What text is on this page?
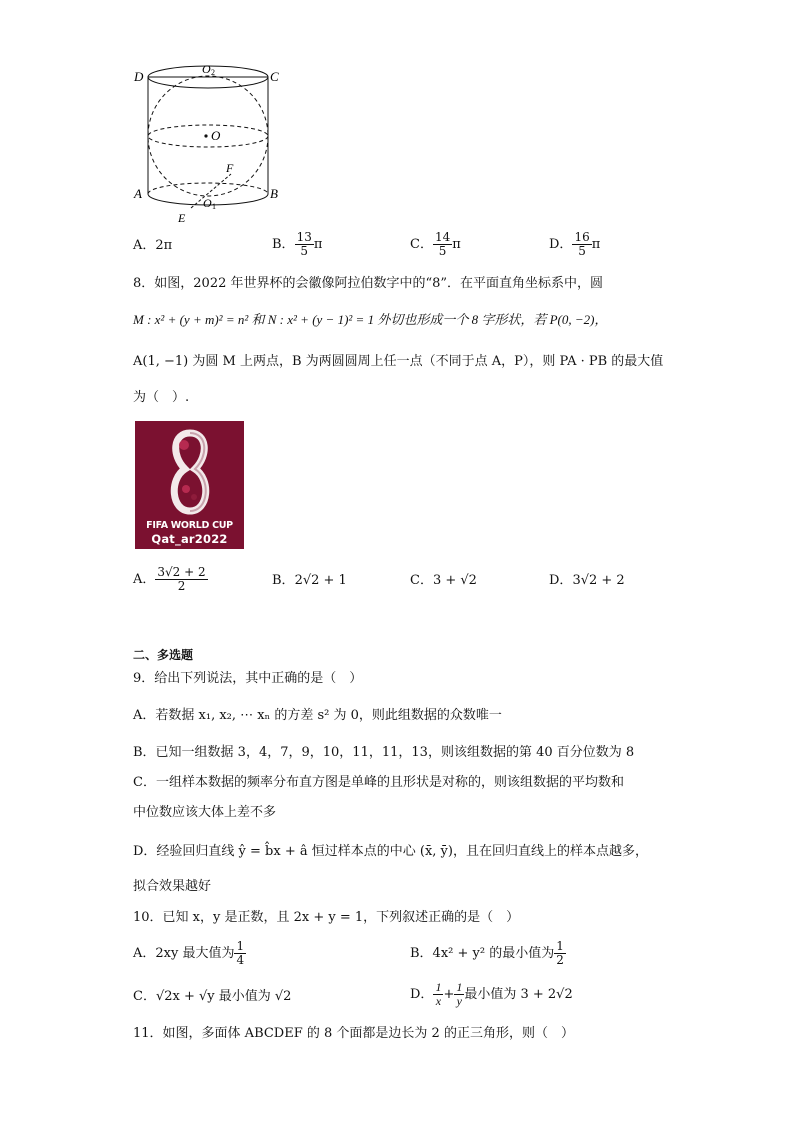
D	C
O 2
O
F
A	B
O 1
E
A．2π	B． $\frac{13}{5}$ π	C． $\frac{14}{5}$ π	D． $\frac{16}{5}$ π
8．如图，2022 年世界杯的会徽像阿拉伯数字中的“8”．在平面直角坐标系中，圆
M : x² + (y + m)² = n² 和 N : x² + (y − 1)² = 1 外切也形成一个 8 字形状，若 P(0, −2)，
A(1, −1) 为圆 M 上两点，B 为两圆圆周上任一点（不同于点 A，P），则 PA · PB 的最大值
为（　）.
FIFA WORLD CUP
Qat_ar2022
A． $\frac{3√2 + 2}{2}$	B．2√2 + 1	C．3 + √2	D．3√2 + 2
二、多选题
9．给出下列说法，其中正确的是（　）
A．若数据 x₁, x₂, ⋯ xₙ 的方差 s² 为 0，则此组数据的众数唯一
B．已知一组数据 3，4，7，9，10，11，11，13，则该组数据的第 40 百分位数为 8
C．一组样本数据的频率分布直方图是单峰的且形状是对称的，则该组数据的平均数和
中位数应该大体上差不多
D．经验回归直线 ŷ = b̂x + â 恒过样本点的中心 (x̄, ȳ)，且在回归直线上的样本点越多，
拟合效果越好
10．已知 x，y 是正数，且 2x + y = 1，下列叙述正确的是（　）
A．2xy 最大值为 $\frac{1}{4}$	B．4x² + y² 的最小值为 $\frac{1}{2}$
C．√2x + √y 最小值为 √2	D． $\frac{1}{x} + \frac{1}{y}$ 最小值为 3 + 2√2
11．如图，多面体 ABCDEF 的 8 个面都是边长为 2 的正三角形，则（　）
